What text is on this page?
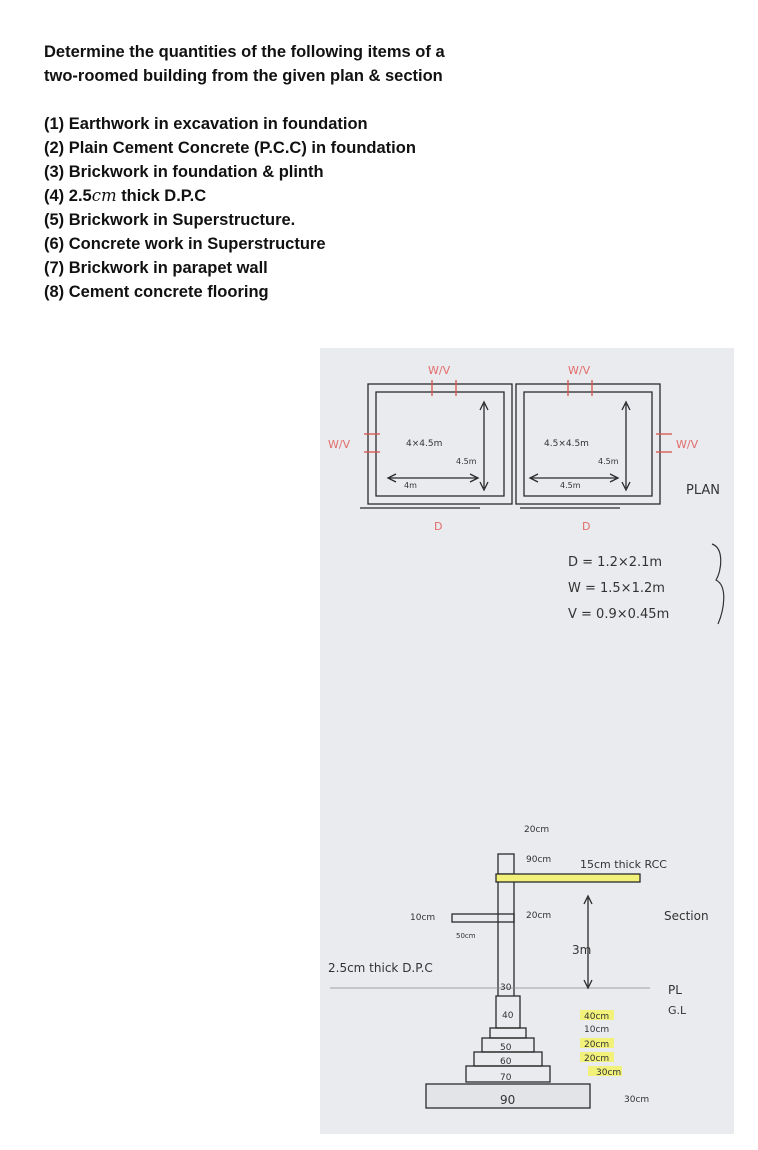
Determine the quantities of the following items of a
two-roomed building from the given plan & section
(1) Earthwork in excavation in foundation
(2) Plain Cement Concrete (P.C.C) in foundation
(3) Brickwork in foundation & plinth
(4) 2.5cm thick D.P.C
(5) Brickwork in Superstructure.
(6) Concrete work in Superstructure
(7) Brickwork in parapet wall
(8) Cement concrete flooring
W/V	W/V
W/V	W/V
D	D
4×4.5m
4.5m
4m
4.5×4.5m
4.5m
4.5m	PLAN
D = 1.2×2.1m
W = 1.5×1.2m
V = 0.9×0.45m
20cm
90cm	15cm thick RCC
10cm
50cm
20cm
3m
Section
2.5cm thick D.P.C
PL
G.L
30
40
50
60
70
90
40cm
10cm
20cm
20cm
30cm
30cm
